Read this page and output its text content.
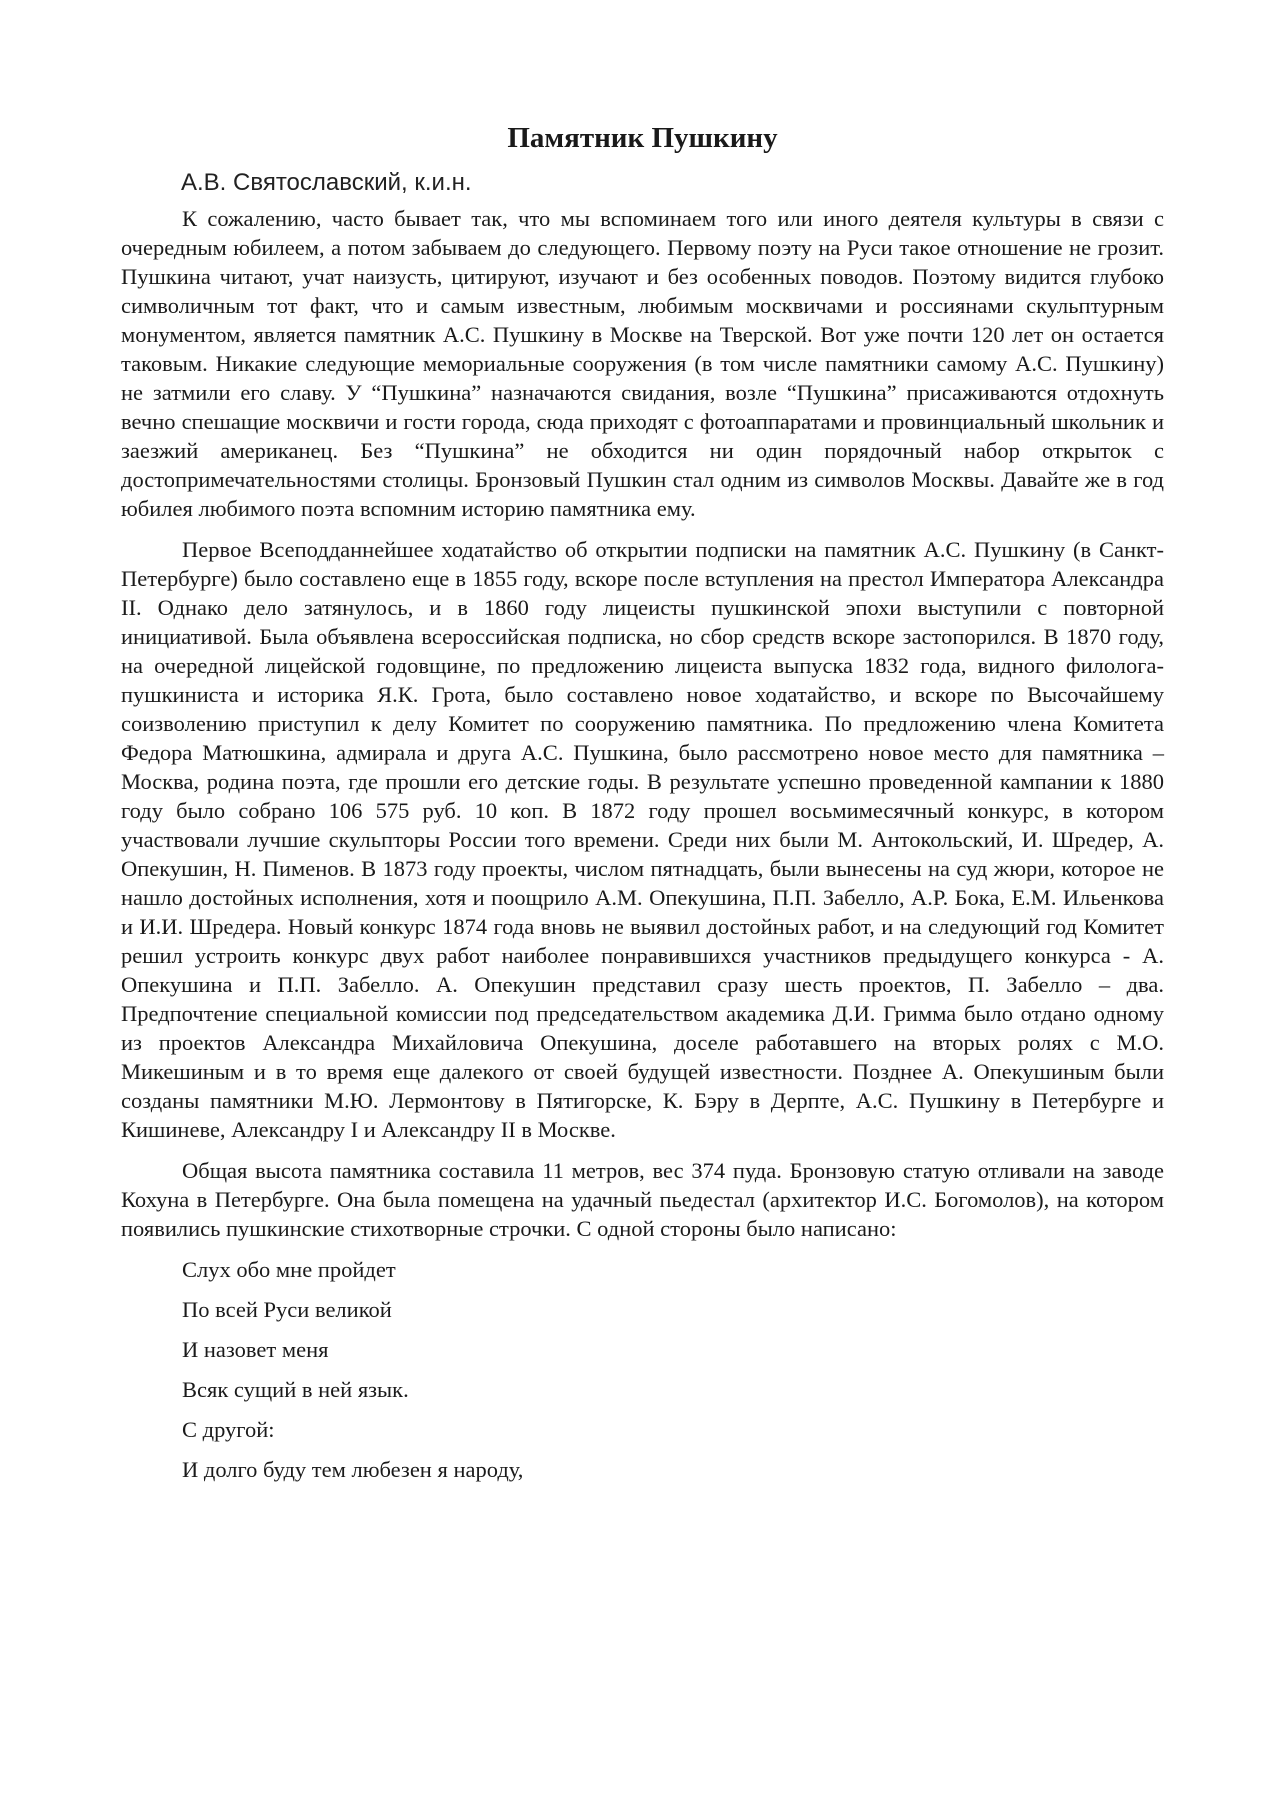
Памятник Пушкину
А.В. Святославский, к.и.н.

К сожалению, часто бывает так, что мы вспоминаем того или иного деятеля культуры в связи с очередным юбилеем, а потом забываем до следующего. Первому поэту на Руси такое отношение не грозит. Пушкина читают, учат наизусть, цитируют, изучают и без особенных поводов. Поэтому видится глубоко символичным тот факт, что и самым известным, любимым москвичами и россиянами скульптурным монументом, является памятник А.С. Пушкину в Москве на Тверской. Вот уже почти 120 лет он остается таковым. Никакие следующие мемориальные сооружения (в том числе памятники самому А.С. Пушкину) не затмили его славу. У “Пушкина” назначаются свидания, возле “Пушкина” присаживаются отдохнуть вечно спешащие москвичи и гости города, сюда приходят с фотоаппаратами и провинциальный школьник и заезжий американец. Без “Пушкина” не обходится ни один порядочный набор открыток с достопримечательностями столицы. Бронзовый Пушкин стал одним из символов Москвы. Давайте же в год юбилея любимого поэта вспомним историю памятника ему.

Первое Всеподданнейшее ходатайство об открытии подписки на памятник А.С. Пушкину (в Санкт-Петербурге) было составлено еще в 1855 году, вскоре после вступления на престол Императора Александра II. Однако дело затянулось, и в 1860 году лицеисты пушкинской эпохи выступили с повторной инициативой. Была объявлена всероссийская подписка, но сбор средств вскоре застопорился. В 1870 году, на очередной лицейской годовщине, по предложению лицеиста выпуска 1832 года, видного филолога-пушкиниста и историка Я.К. Грота, было составлено новое ходатайство, и вскоре по Высочайшему соизволению приступил к делу Комитет по сооружению памятника. По предложению члена Комитета Федора Матюшкина, адмирала и друга А.С. Пушкина, было рассмотрено новое место для памятника – Москва, родина поэта, где прошли его детские годы. В результате успешно проведенной кампании к 1880 году было собрано 106 575 руб. 10 коп. В 1872 году прошел восьмимесячный конкурс, в котором участвовали лучшие скульпторы России того времени. Среди них были М. Антокольский, И. Шредер, А. Опекушин, Н. Пименов. В 1873 году проекты, числом пятнадцать, были вынесены на суд жюри, которое не нашло достойных исполнения, хотя и поощрило А.М. Опекушина, П.П. Забелло, А.Р. Бока, Е.М. Ильенкова и И.И. Шредера. Новый конкурс 1874 года вновь не выявил достойных работ, и на следующий год Комитет решил устроить конкурс двух работ наиболее понравившихся участников предыдущего конкурса - А. Опекушина и П.П. Забелло. А. Опекушин представил сразу шесть проектов, П. Забелло – два. Предпочтение специальной комиссии под председательством академика Д.И. Гримма было отдано одному из проектов Александра Михайловича Опекушина, доселе работавшего на вторых ролях с М.О. Микешиным и в то время еще далекого от своей будущей известности. Позднее А. Опекушиным были созданы памятники М.Ю. Лермонтову в Пятигорске, К. Бэру в Дерпте, А.С. Пушкину в Петербурге и Кишиневе, Александру I и Александру II в Москве.

Общая высота памятника составила 11 метров, вес 374 пуда. Бронзовую статую отливали на заводе Кохуна в Петербурге. Она была помещена на удачный пьедестал (архитектор И.С. Богомолов), на котором появились пушкинские стихотворные строчки. С одной стороны было написано:

Слух обо мне пройдет
По всей Руси великой
И назовет меня
Всяк сущий в ней язык.
С другой:
И долго буду тем любезен я народу,
